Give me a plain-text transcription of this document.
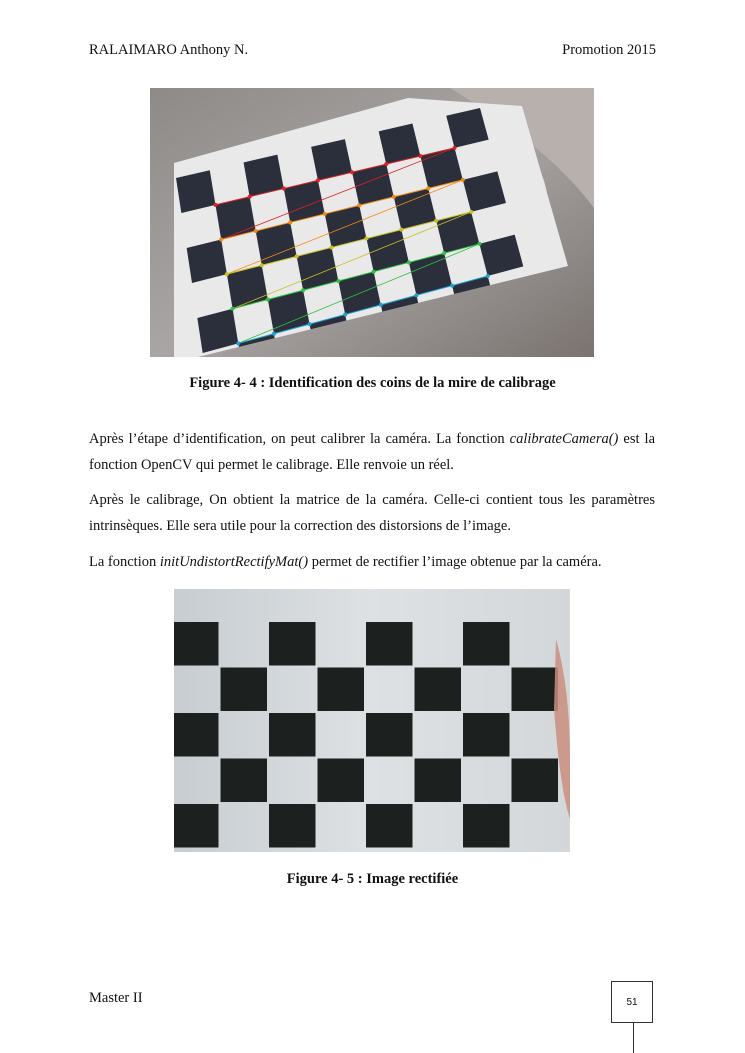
RALAIMARO Anthony N.	Promotion 2015
Figure 4- 4 : Identification des coins de la mire de calibrage
Après l’étape d’identification, on peut calibrer la caméra. La fonction calibrateCamera() est la fonction OpenCV qui permet le calibrage. Elle renvoie un réel.
Après le calibrage, On obtient la matrice de la caméra. Celle-ci contient tous les paramètres intrinsèques. Elle sera utile pour la correction des distorsions de l’image.
La fonction initUndistortRectifyMat() permet de rectifier l’image obtenue par la caméra.
Figure 4- 5 : Image rectifiée
Master II	51
